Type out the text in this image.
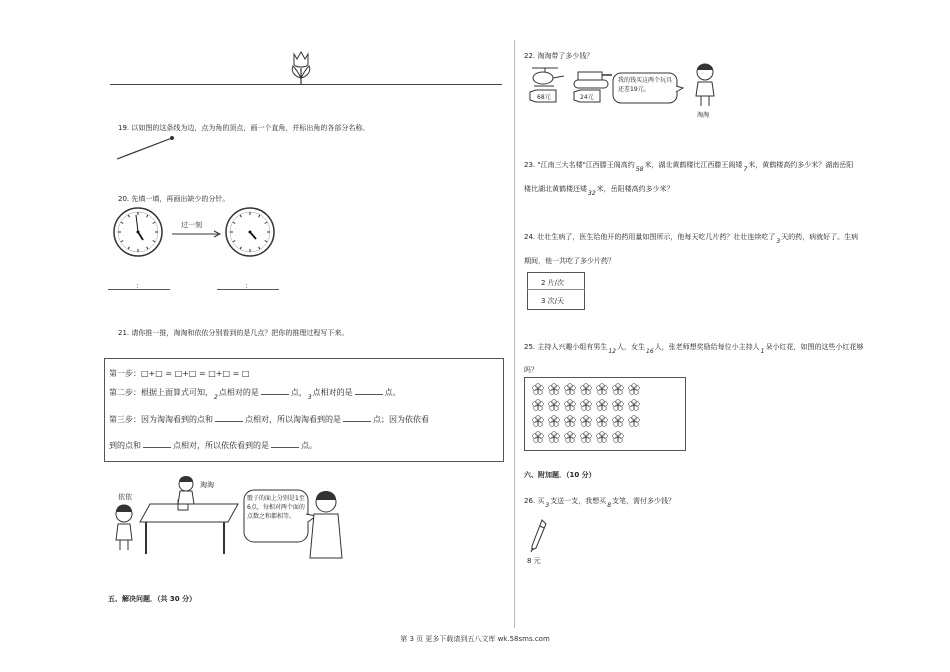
19. 以如图的这条线为边，点为角的顶点，画一个直角，并标出角的各部分名称。
20. 先填一填，再画出缺少的分针。
过一刻
：	：
21. 请你推一推，淘淘和依依分别看到的是几点？把你的推理过程写下来。
第一步：□+□ = □+□ = □+□ = □
第二步：根据上面算式可知，$_2$点相对的是	点，$_3$点相对的是	点。
第三步：因为淘淘看到的点和	点相对，所以淘淘看到的是	点；因为依依看
到的点和	点相对，所以依依看到的是	点。
依依
淘淘
骰子的面上分别是1至6点，每相对两个面的点数之和都相等。
五、解决问题．（共 30 分）
22. 淘淘带了多少钱？
68元	24元
我的钱买这两个玩具还差19元。
淘淘
23. "江南三大名楼"江西滕王阁高约58米，湖北黄鹤楼比江西滕王阁矮7米，黄鹤楼高约多少米？湖南岳阳
楼比湖北黄鹤楼还矮32米，岳阳楼高约多少米？
24. 壮壮生病了，医生给他开的药用量如图所示，他每天吃几片药？壮壮连续吃了3天的药，病就好了。生病
期间，他一共吃了多少片药？
2 片/次
3 次/天
25. 主持人兴趣小组有男生12人，女生16人，张老师想奖励给每位小主持人1朵小红花，如图的这些小红花够
吗？
六、附加题．（10 分）
26. 买3支送一支，我想买8支笔，需付多少钱？
8 元
第 3 页 更多下载请到五八文库 wk.58sms.com
